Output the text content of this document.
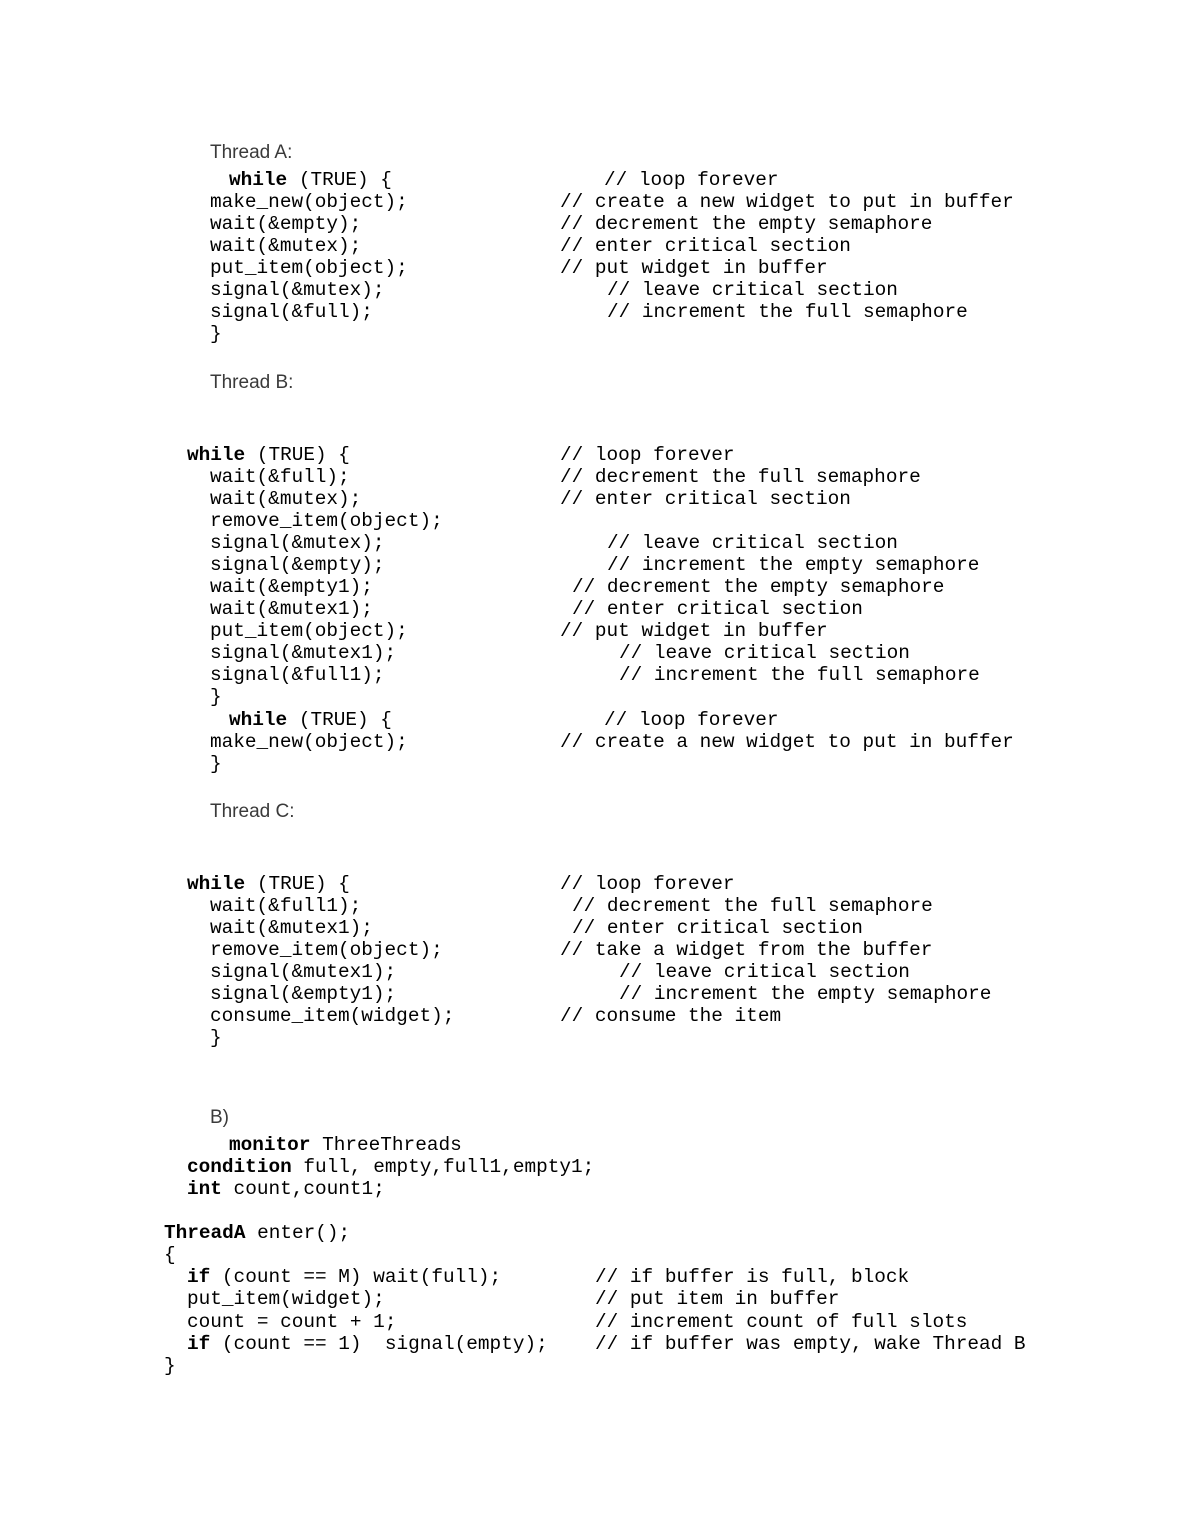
Thread A:
while (TRUE) {	// loop forever
make_new(object);	// create a new widget to put in buffer
wait(&empty);	// decrement the empty semaphore
wait(&mutex);	// enter critical section
put_item(object);	// put widget in buffer
signal(&mutex);	// leave critical section
signal(&full);	// increment the full semaphore
}
Thread B:
while (TRUE) {	// loop forever
wait(&full);	// decrement the full semaphore
wait(&mutex);	// enter critical section
remove_item(object);
signal(&mutex);	// leave critical section
signal(&empty);	// increment the empty semaphore
wait(&empty1);	// decrement the empty semaphore
wait(&mutex1);	// enter critical section
put_item(object);	// put widget in buffer
signal(&mutex1);	// leave critical section
signal(&full1);	// increment the full semaphore
}
while (TRUE) {	// loop forever
make_new(object);	// create a new widget to put in buffer
}
Thread C:
while (TRUE) {	// loop forever
wait(&full1);	// decrement the full semaphore
wait(&mutex1);	// enter critical section
remove_item(object);	// take a widget from the buffer
signal(&mutex1);	// leave critical section
signal(&empty1);	// increment the empty semaphore
consume_item(widget);	// consume the item
}
B)
monitor ThreeThreads
condition full, empty,full1,empty1;
int count,count1;
ThreadA enter();
{
if (count == M) wait(full);	// if buffer is full, block
put_item(widget);	// put item in buffer
count = count + 1;	// increment count of full slots
if (count == 1)  signal(empty); // if buffer was empty, wake Thread B
}
